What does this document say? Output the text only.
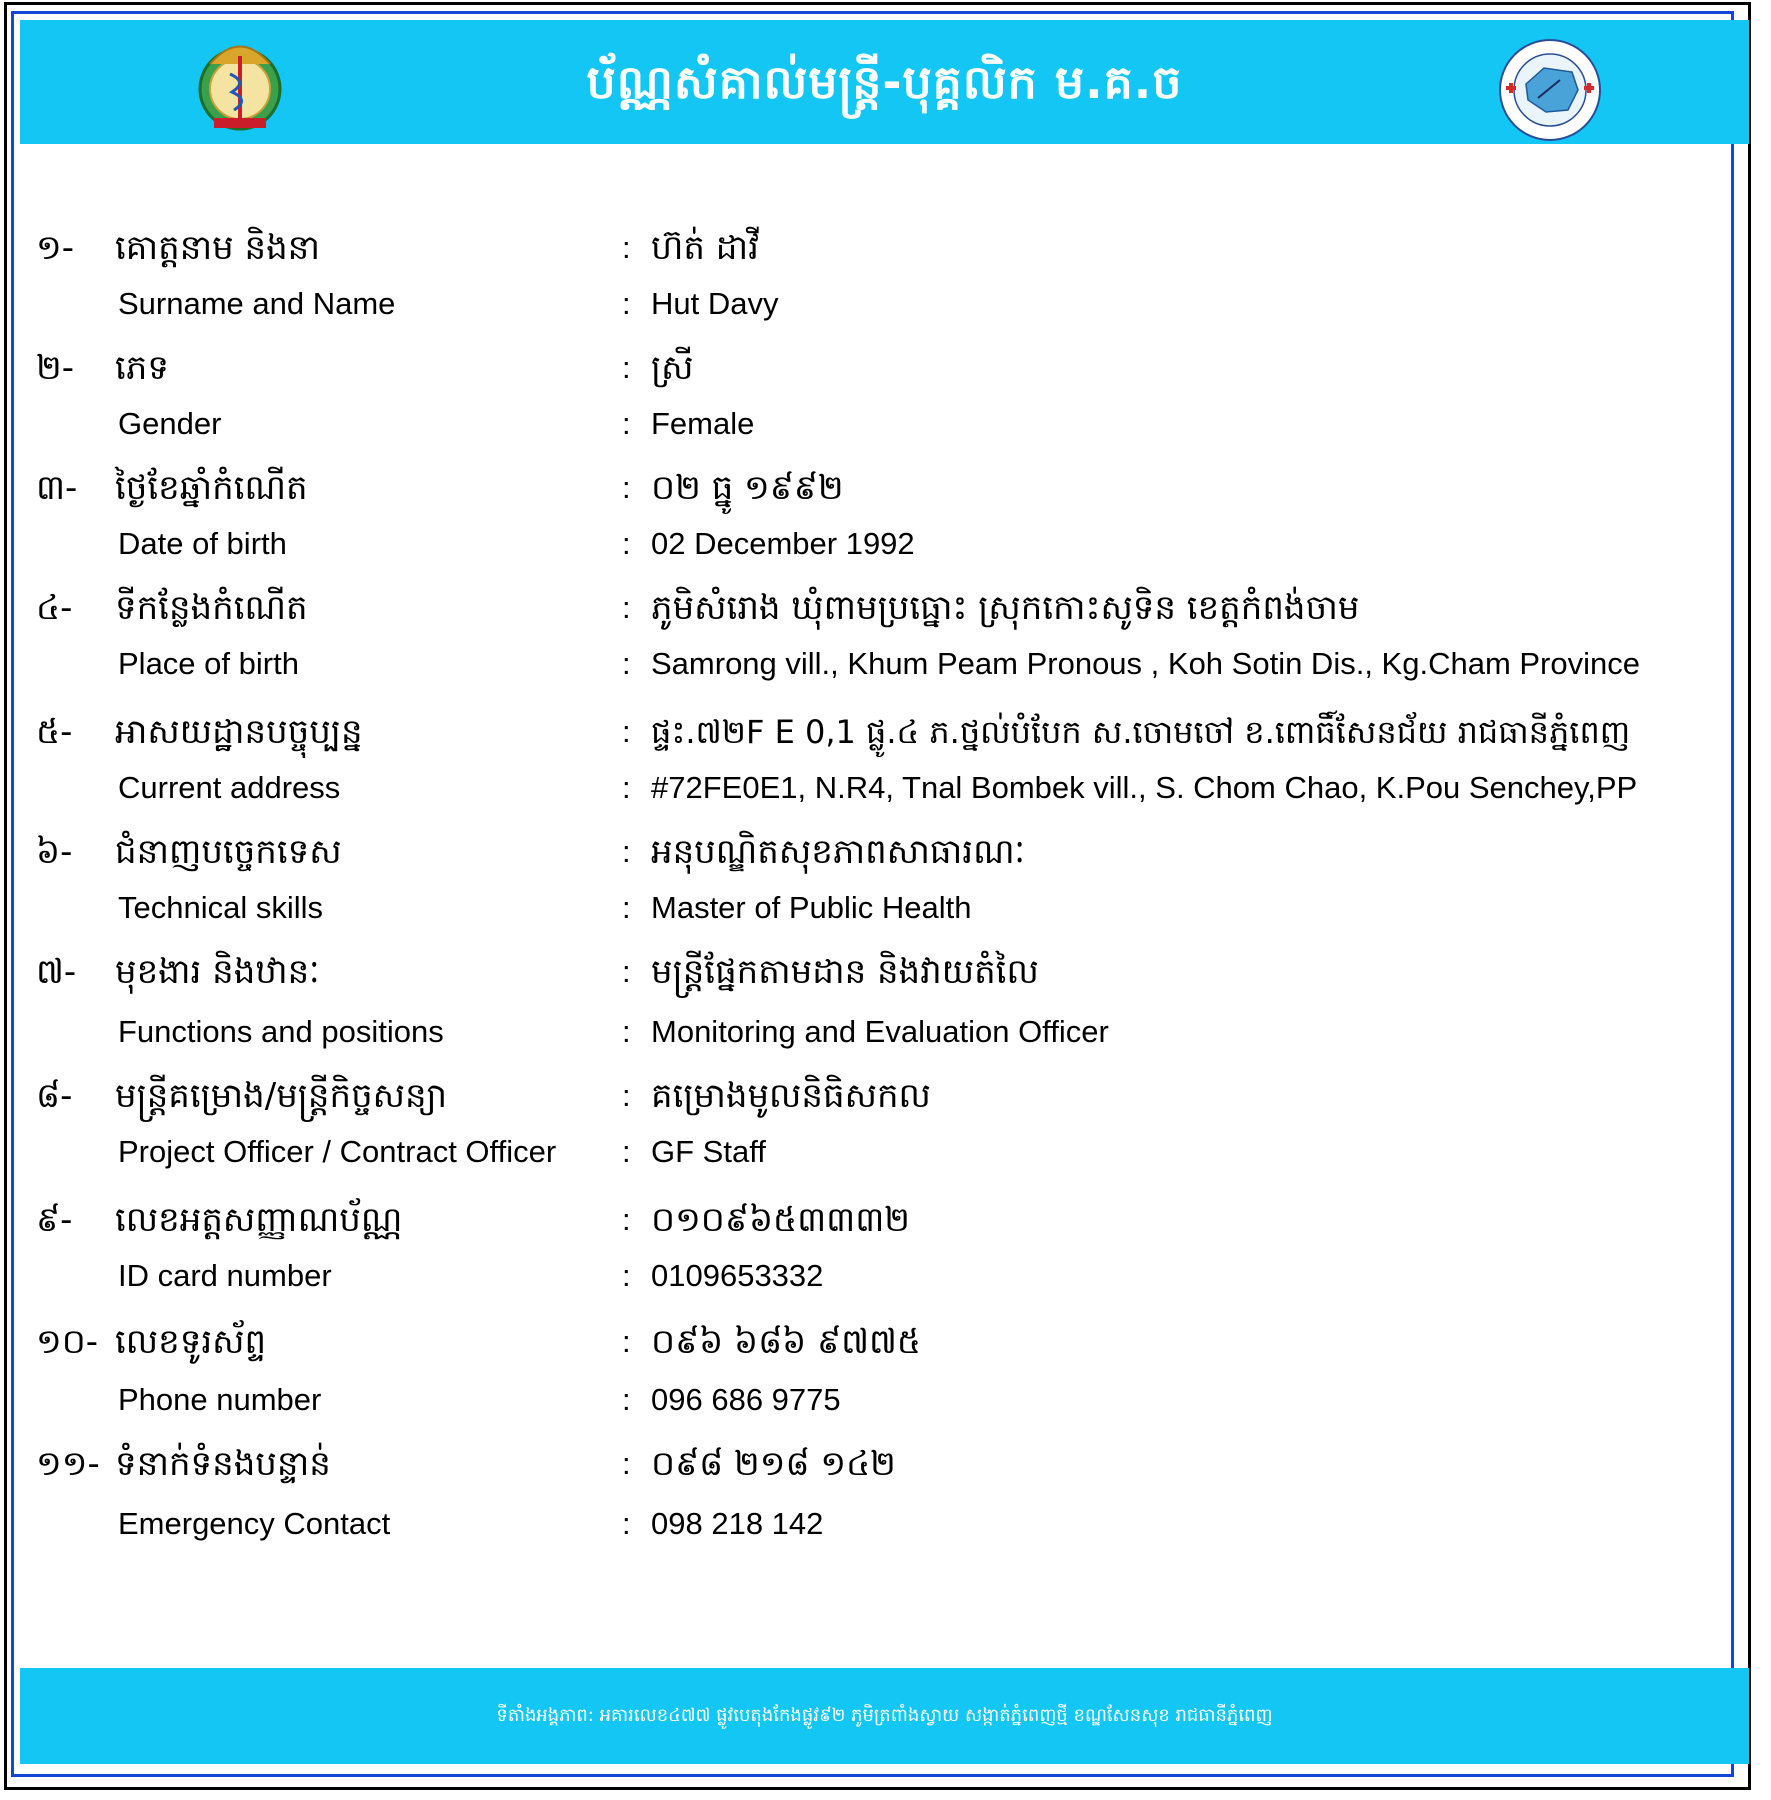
ប័ណ្ណសំគាល់មន្ត្រី-បុគ្គលិក ម.គ.ច
១- គោត្តនាម និងនា	: ហ៊ត់ ដាវី
Surname and Name	: Hut Davy
២- ភេទ	: ស្រី
Gender	: Female
៣- ថ្ងៃខែឆ្នាំកំណើត	: ០២ ធ្នូ ១៩៩២
Date of birth	: 02 December 1992
៤- ទីកន្លែងកំណើត	: ភូមិសំរោង ឃុំពាមប្រធ្នោះ ស្រុកកោះសូទិន ខេត្តកំពង់ចាម
Place of birth	: Samrong vill., Khum Peam Pronous , Koh Sotin Dis., Kg.Cham Province
៥- អាសយដ្ឋានបច្ចុប្បន្ន	: ផ្ទះ.៧២F E 0,1 ផ្លូ.៤ ភ.ថ្នល់បំបែក ស.ចោមចៅ ខ.ពោធិ៍សែនជ័យ រាជធានីភ្នំពេញ
Current address	: #72FE0E1, N.R4, Tnal Bombek vill., S. Chom Chao, K.Pou Senchey,PP
៦- ជំនាញបច្ចេកទេស	: អនុបណ្ឌិតសុខភាពសាធារណៈ
Technical skills	: Master of Public Health
៧- មុខងារ និងឋានៈ	: មន្ត្រីផ្នែកតាមដាន និងវាយតំលៃ
Functions and positions	: Monitoring and Evaluation Officer
៨- មន្ត្រីគម្រោង/មន្ត្រីកិច្ចសន្យា	: គម្រោងមូលនិធិសកល
Project Officer / Contract Officer : GF Staff
៩- លេខអត្តសញ្ញាណប័ណ្ណ	: ០១០៩៦៥៣៣៣២
ID card number	: 0109653332
១០- លេខទូរស័ព្ទ	: ០៩៦ ៦៨៦ ៩៧៧៥
Phone number	: 096 686 9775
១១- ទំនាក់ទំនងបន្ទាន់	: ០៩៨ ២១៨ ១៤២
Emergency Contact	: 098 218 142
ទីតាំងអង្គភាព: អគារលេខ៤៧៧ ផ្លូវបេតុងកែងផ្លូវ៩២ ភូមិត្រពាំងស្វាយ សង្កាត់ភ្នំពេញថ្មី ខណ្ឌសែនសុខ រាជធានីភ្នំពេញ
